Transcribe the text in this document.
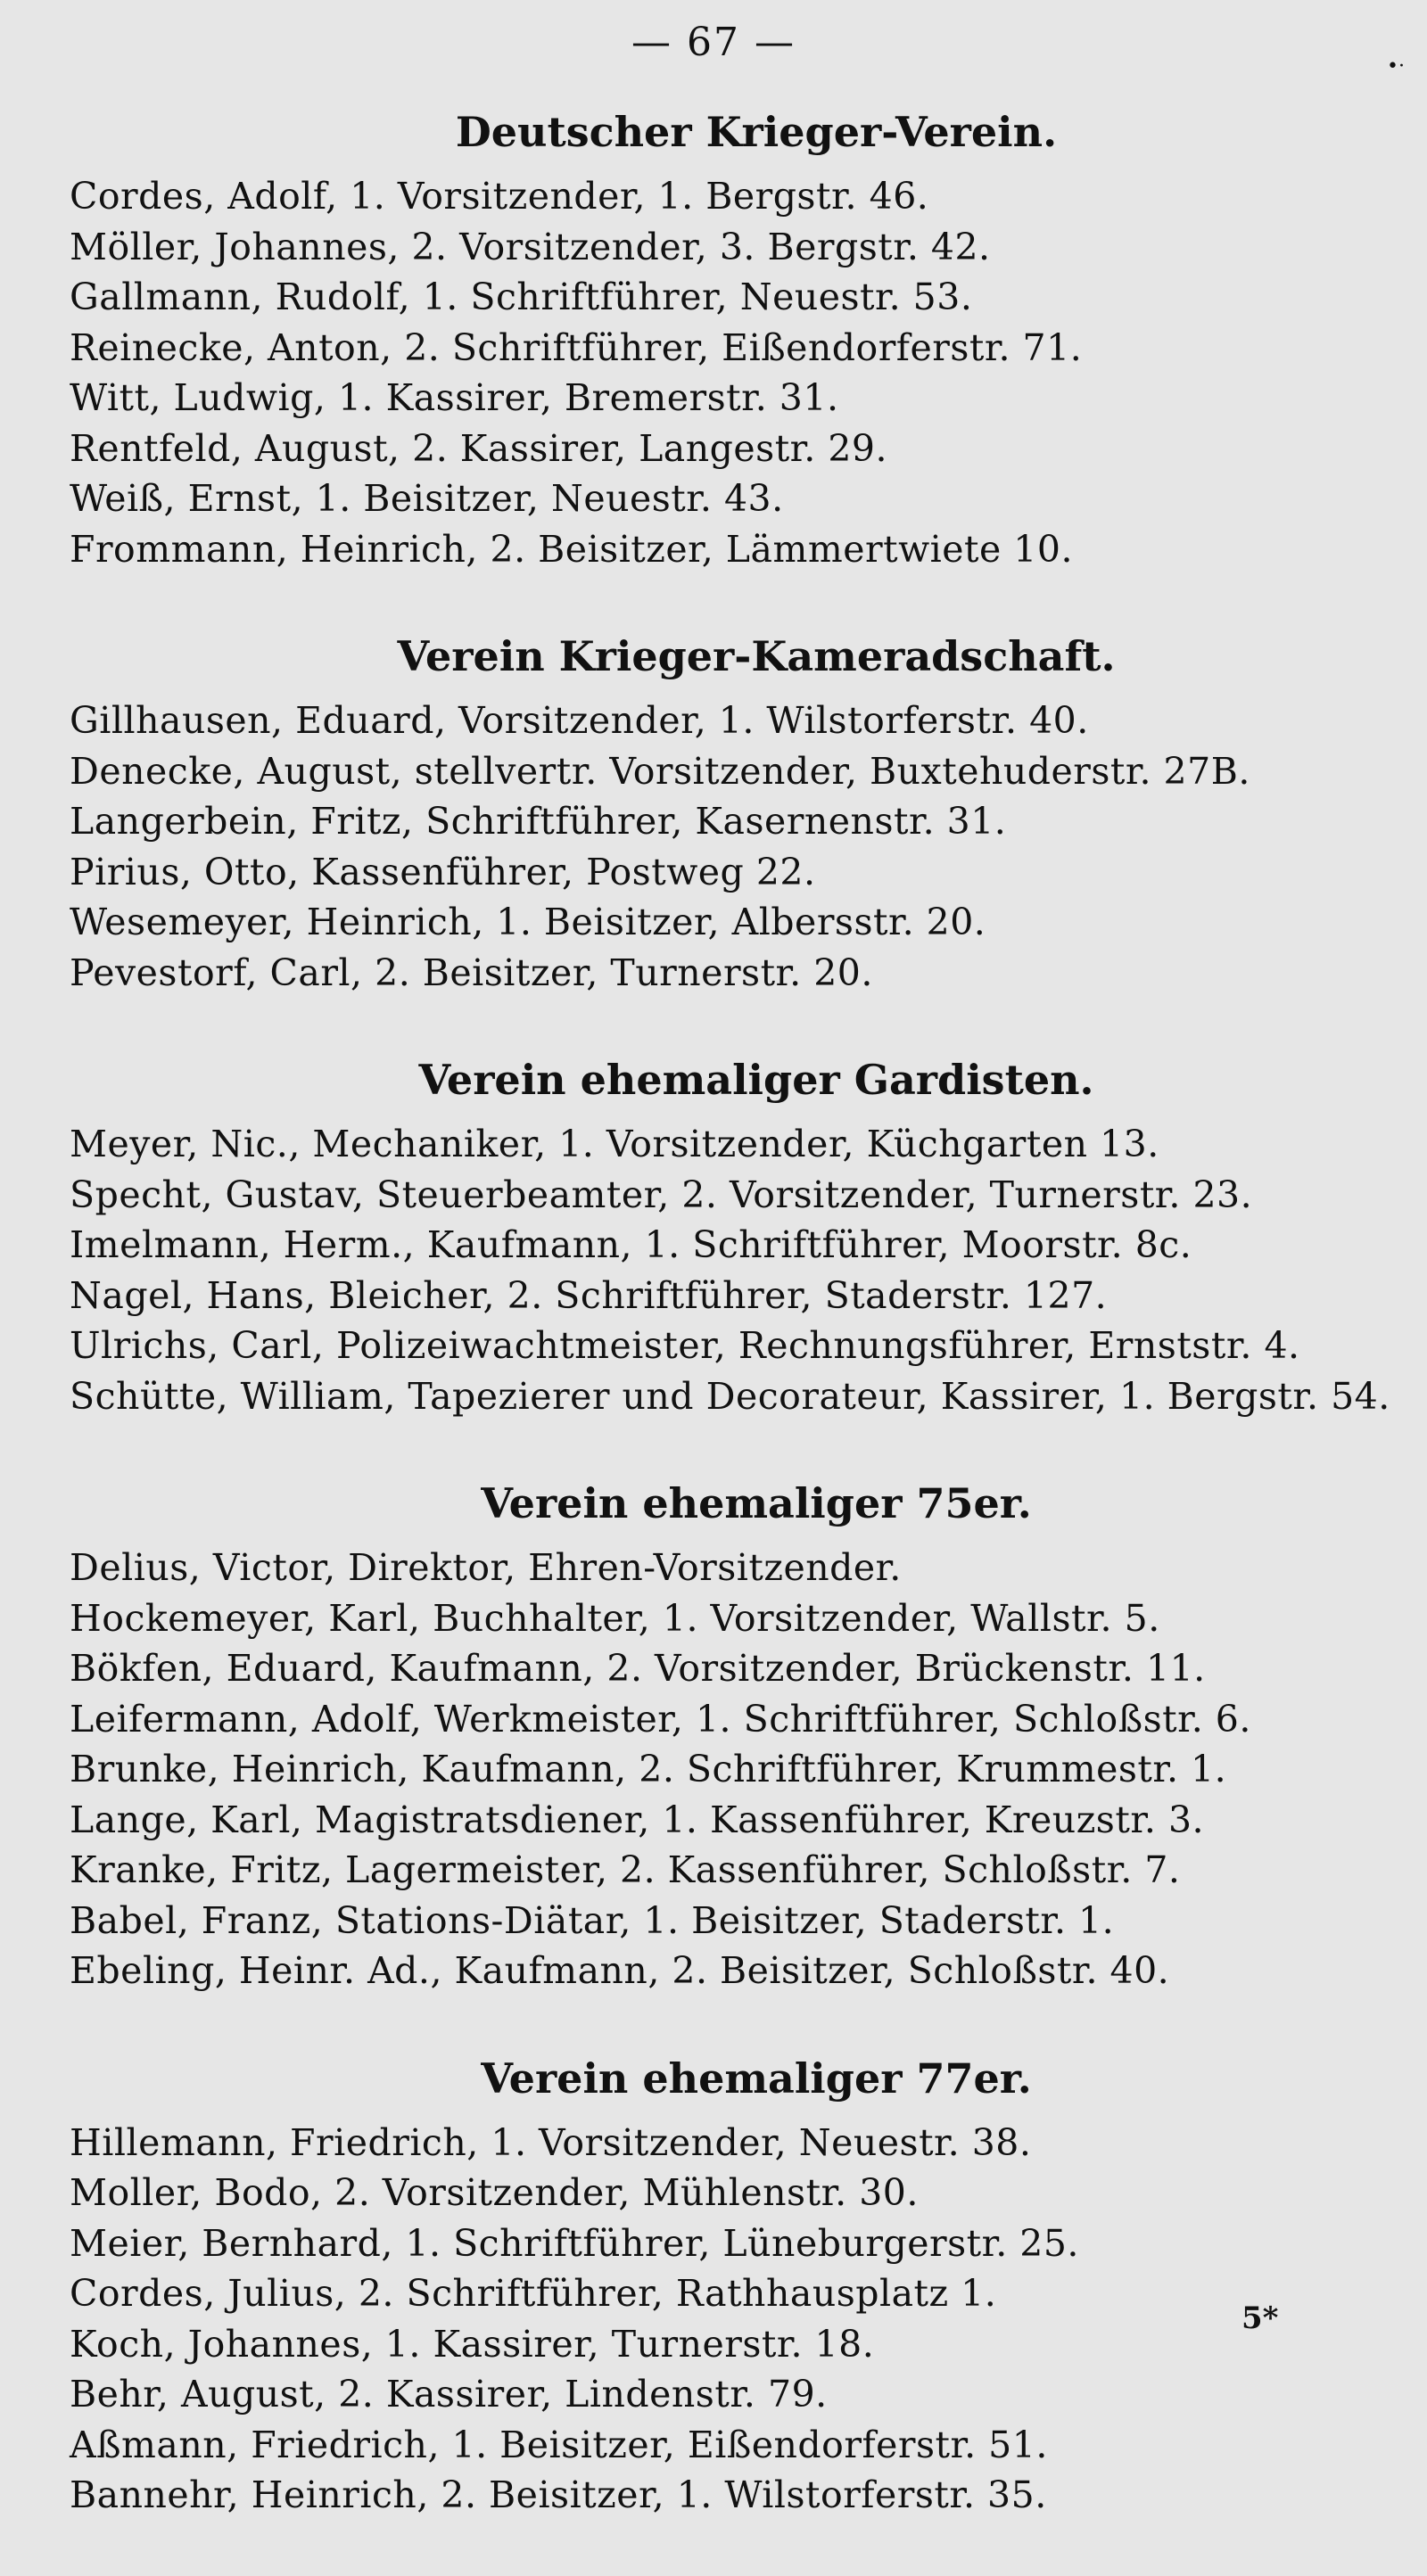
— 67 —
•·
Deutscher Krieger-Verein.
Cordes, Adolf, 1. Vorsitzender, 1. Bergstr. 46.
Möller, Johannes, 2. Vorsitzender, 3. Bergstr. 42.
Gallmann, Rudolf, 1. Schriftführer, Neuestr. 53.
Reinecke, Anton, 2. Schriftführer, Eißendorferstr. 71.
Witt, Ludwig, 1. Kassirer, Bremerstr. 31.
Rentfeld, August, 2. Kassirer, Langestr. 29.
Weiß, Ernst, 1. Beisitzer, Neuestr. 43.
Frommann, Heinrich, 2. Beisitzer, Lämmertwiete 10.
Verein Krieger-Kameradschaft.
Gillhausen, Eduard, Vorsitzender, 1. Wilstorferstr. 40.
Denecke, August, stellvertr. Vorsitzender, Buxtehuderstr. 27B.
Langerbein, Fritz, Schriftführer, Kasernenstr. 31.
Pirius, Otto, Kassenführer, Postweg 22.
Wesemeyer, Heinrich, 1. Beisitzer, Albersstr. 20.
Pevestorf, Carl, 2. Beisitzer, Turnerstr. 20.
Verein ehemaliger Gardisten.
Meyer, Nic., Mechaniker, 1. Vorsitzender, Küchgarten 13.
Specht, Gustav, Steuerbeamter, 2. Vorsitzender, Turnerstr. 23.
Imelmann, Herm., Kaufmann, 1. Schriftführer, Moorstr. 8c.
Nagel, Hans, Bleicher, 2. Schriftführer, Staderstr. 127.
Ulrichs, Carl, Polizeiwachtmeister, Rechnungsführer, Ernststr. 4.
Schütte, William, Tapezierer und Decorateur, Kassirer, 1. Bergstr. 54.
Verein ehemaliger 75er.
Delius, Victor, Direktor, Ehren-Vorsitzender.
Hockemeyer, Karl, Buchhalter, 1. Vorsitzender, Wallstr. 5.
Bökfen, Eduard, Kaufmann, 2. Vorsitzender, Brückenstr. 11.
Leifermann, Adolf, Werkmeister, 1. Schriftführer, Schloßstr. 6.
Brunke, Heinrich, Kaufmann, 2. Schriftführer, Krummestr. 1.
Lange, Karl, Magistratsdiener, 1. Kassenführer, Kreuzstr. 3.
Kranke, Fritz, Lagermeister, 2. Kassenführer, Schloßstr. 7.
Babel, Franz, Stations-Diätar, 1. Beisitzer, Staderstr. 1.
Ebeling, Heinr. Ad., Kaufmann, 2. Beisitzer, Schloßstr. 40.
Verein ehemaliger 77er.
Hillemann, Friedrich, 1. Vorsitzender, Neuestr. 38.
Moller, Bodo, 2. Vorsitzender, Mühlenstr. 30.
Meier, Bernhard, 1. Schriftführer, Lüneburgerstr. 25.
Cordes, Julius, 2. Schriftführer, Rathhausplatz 1.
Koch, Johannes, 1. Kassirer, Turnerstr. 18.
Behr, August, 2. Kassirer, Lindenstr. 79.
Aßmann, Friedrich, 1. Beisitzer, Eißendorferstr. 51.
Bannehr, Heinrich, 2. Beisitzer, 1. Wilstorferstr. 35.
5*
